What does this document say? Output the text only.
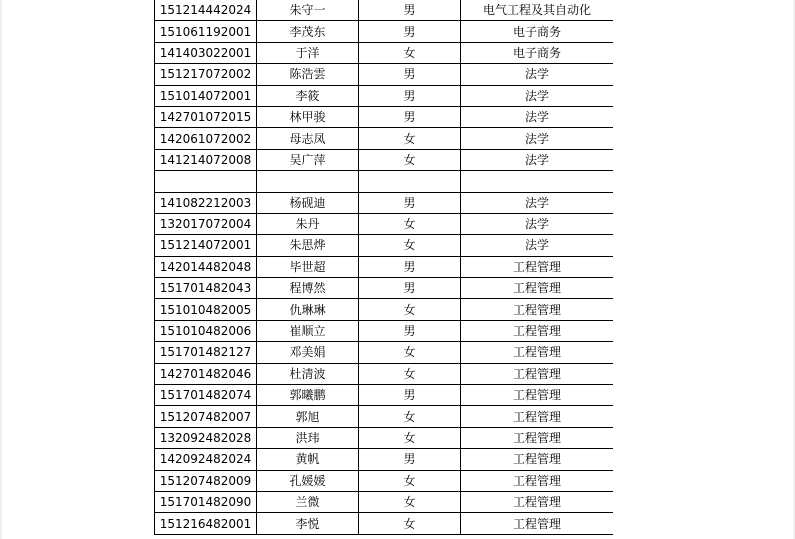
151214442024	朱守一	男	电气工程及其自动化
151061192001	李茂东	男	电子商务
141403022001	于洋	女	电子商务
151217072002	陈浩雲	男	法学
151014072001	李筱	男	法学
142701072015	林甲骏	男	法学
142061072002	母志凤	女	法学
141214072008	吴广萍	女	法学

141082212003	杨砚迪	男	法学
132017072004	朱丹	女	法学
151214072001	朱思烨	女	法学
142014482048	毕世超	男	工程管理
151701482043	程博然	男	工程管理
151010482005	仇琳琳	女	工程管理
151010482006	崔顺立	男	工程管理
151701482127	邓美娟	女	工程管理
142701482046	杜清波	女	工程管理
151701482074	郭曦鹏	男	工程管理
151207482007	郭旭	女	工程管理
132092482028	洪玮	女	工程管理
142092482024	黄帆	男	工程管理
151207482009	孔媛媛	女	工程管理
151701482090	兰微	女	工程管理
151216482001	李悦	女	工程管理
